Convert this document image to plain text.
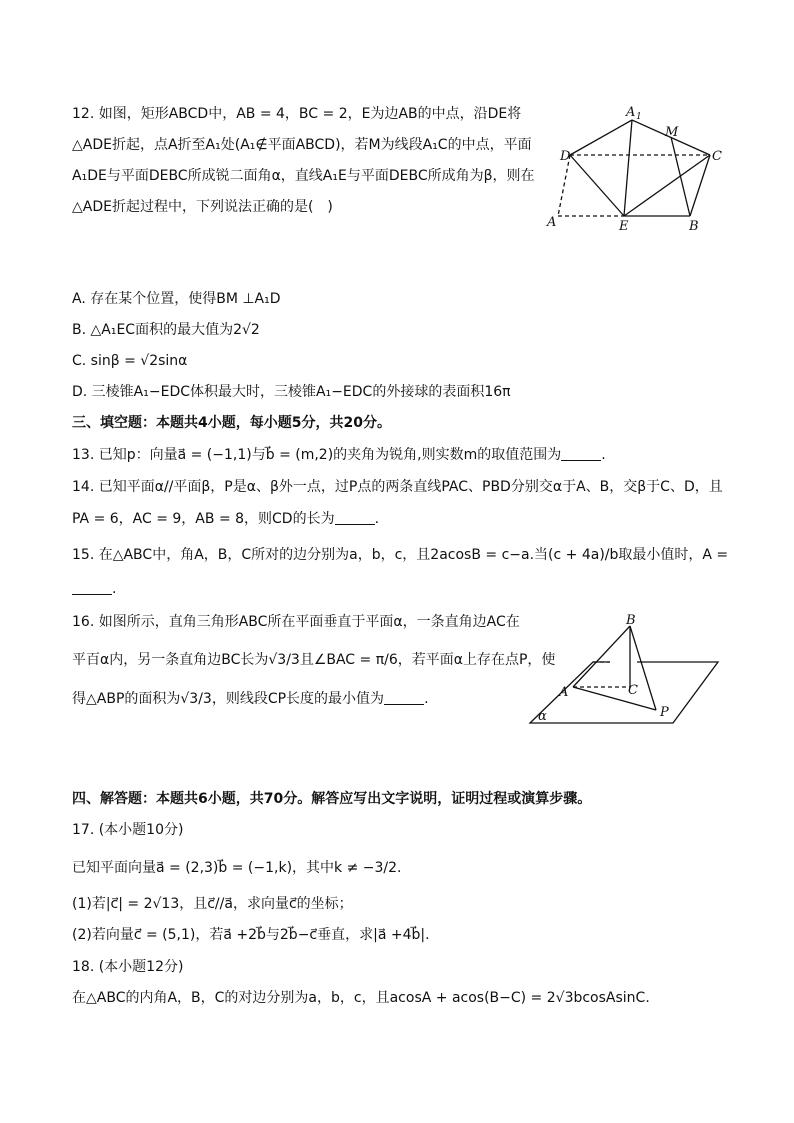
12. 如图，矩形ABCD中，AB = 4，BC = 2，E为边AB的中点，沿DE将
△ADE折起，点A折至A₁处(A₁∉平面ABCD)，若M为线段A₁C的中点，平面
A₁DE与平面DEBC所成锐二面角α，直线A₁E与平面DEBC所成角为β，则在
△ADE折起过程中，下列说法正确的是(　)
A 1
M
D	C
A	E	B
A. 存在某个位置，使得BM ⊥A₁D
B. △A₁EC面积的最大值为2√2
C. sinβ = √2sinα
D. 三棱锥A₁−EDC体积最大时，三棱锥A₁−EDC的外接球的表面积16π
三、填空题：本题共4小题，每小题5分，共20分。
13. 已知p：向量a⃗ = (−1,1)与b⃗ = (m,2)的夹角为锐角,则实数m的取值范围为	.
14. 已知平面α//平面β，P是α、β外一点，过P点的两条直线PAC、PBD分别交α于A、B，交β于C、D，且
PA = 6，AC = 9，AB = 8，则CD的长为	.
15. 在△ABC中，角A，B，C所对的边分别为a，b，c，且2acosB = c−a.当(c + 4a)/b取最小值时，A =
.
16. 如图所示，直角三角形ABC所在平面垂直于平面α，一条直角边AC在
平百α内，另一条直角边BC长为√3/3且∠BAC = π/6，若平面α上存在点P，使
得△ABP的面积为√3/3，则线段CP长度的最小值为	.
B
A	C
P
α
四、解答题：本题共6小题，共70分。解答应写出文字说明，证明过程或演算步骤。
17. (本小题10分)
已知平面向量a⃗ = (2,3)b⃗ = (−1,k)，其中k ≠ −3/2.
(1)若|c⃗| = 2√13，且c⃗//a⃗，求向量c⃗的坐标；
(2)若向量c⃗ = (5,1)，若a⃗ +2b⃗与2b⃗−c⃗垂直，求|a⃗ +4b⃗|.
18. (本小题12分)
在△ABC的内角A，B，C的对边分别为a，b，c，且acosA + acos(B−C) = 2√3bcosAsinC.
